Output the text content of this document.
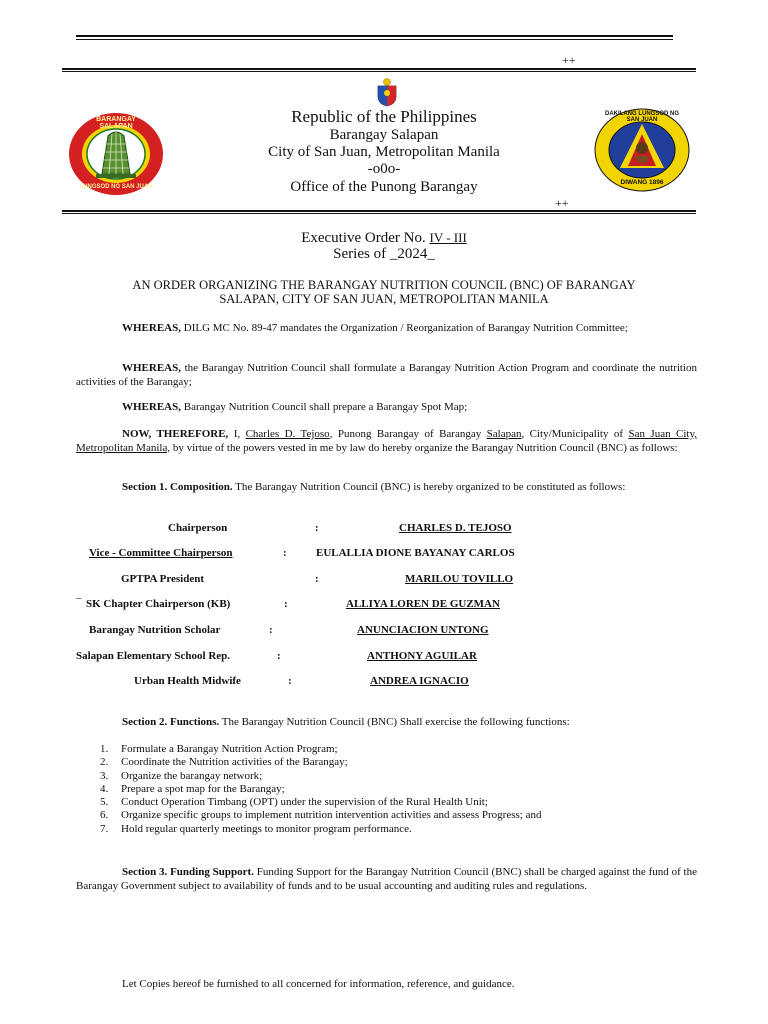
++
BARANGAY SALAPAN
LUNGSOD NG SAN JUAN
Republic of the Philippines
Barangay Salapan
City of San Juan, Metropolitan Manila
-o0o-
Office of the Punong Barangay
DAKILANG LUNGSOD NG SAN JUAN
DIWANG 1896
++
Executive Order No. IV - III
Series of _2024_
AN ORDER ORGANIZING THE BARANGAY NUTRITION COUNCIL (BNC) OF BARANGAY
SALAPAN, CITY OF SAN JUAN, METROPOLITAN MANILA
WHEREAS, DILG MC No. 89-47 mandates the Organization / Reorganization of Barangay Nutrition Committee;
WHEREAS, the Barangay Nutrition Council shall formulate a Barangay Nutrition Action Program and coordinate the nutrition activities of the Barangay;
WHEREAS, Barangay Nutrition Council shall prepare a Barangay Spot Map;
NOW, THEREFORE, I, Charles D. Tejoso, Punong Barangay of Barangay Salapan, City/Municipality of San Juan City, Metropolitan Manila, by virtue of the powers vested in me by law do hereby organize the Barangay Nutrition Council (BNC) as follows:
Section 1. Composition. The Barangay Nutrition Council (BNC) is hereby organized to be constituted as follows:
Chairperson	:	CHARLES D. TEJOSO
Vice - Committee Chairperson	:	EULALLIA DIONE BAYANAY CARLOS
GPTPA President	:	MARILOU TOVILLO
_
SK Chapter Chairperson (KB)	:	ALLIYA LOREN DE GUZMAN
Barangay Nutrition Scholar	:	ANUNCIACION UNTONG
Salapan Elementary School Rep.	:	ANTHONY AGUILAR
Urban Health Midwife	:	ANDREA IGNACIO
Section 2. Functions. The Barangay Nutrition Council (BNC) Shall exercise the following functions:
1. Formulate a Barangay Nutrition Action Program;
2. Coordinate the Nutrition activities of the Barangay;
3. Organize the barangay network;
4. Prepare a spot map for the Barangay;
5. Conduct Operation Timbang (OPT) under the supervision of the Rural Health Unit;
6. Organize specific groups to implement nutrition intervention activities and assess Progress; and
7. Hold regular quarterly meetings to monitor program performance.
Section 3. Funding Support. Funding Support for the Barangay Nutrition Council (BNC) shall be charged against the fund of the Barangay Government subject to availability of funds and to be usual accounting and auditing rules and regulations.
Let Copies hereof be furnished to all concerned for information, reference, and guidance.
